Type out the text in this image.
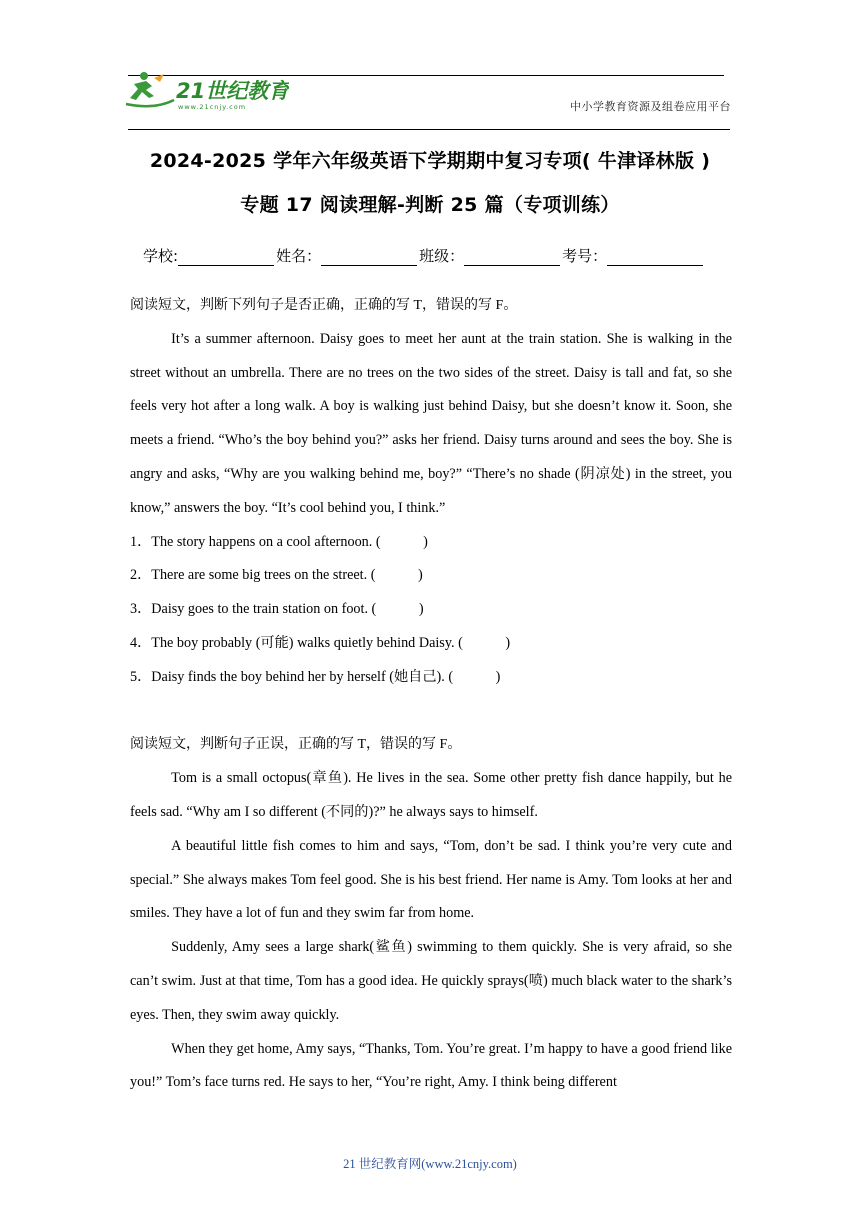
21世纪教育
www.21cnjy.com	中小学教育资源及组卷应用平台
2024-2025 学年六年级英语下学期期中复习专项( 牛津译林版 )
专题 17 阅读理解-判断 25 篇（专项训练）
学校:	姓名：	班级：	考号：

阅读短文，判断下列句子是否正确，正确的写 T，错误的写 F。

It’s a summer afternoon. Daisy goes to meet her aunt at the train station. She is walking in the street without an umbrella. There are no trees on the two sides of the street. Daisy is tall and fat, so she feels very hot after a long walk. A boy is walking just behind Daisy, but she doesn’t know it. Soon, she meets a friend. “Who’s the boy behind you?” asks her friend. Daisy turns around and sees the boy. She is angry and asks, “Why are you walking behind me, boy?” “There’s no shade (阴凉处) in the street, you know,” answers the boy. “It’s cool behind you, I think.”

1．The story happens on a cool afternoon. (　　　)

2．There are some big trees on the street. (　　　)

3．Daisy goes to the train station on foot. (　　　)

4．The boy probably (可能) walks quietly behind Daisy. (　　　)

5．Daisy finds the boy behind her by herself (她自己). (　　　)

阅读短文，判断句子正误，正确的写 T，错误的写 F。

Tom is a small octopus(章鱼). He lives in the sea. Some other pretty fish dance happily, but he feels sad. “Why am I so different (不同的)?” he always says to himself.

A beautiful little fish comes to him and says, “Tom, don’t be sad. I think you’re very cute and special.” She always makes Tom feel good. She is his best friend. Her name is Amy. Tom looks at her and smiles. They have a lot of fun and they swim far from home.

Suddenly, Amy sees a large shark(鲨鱼) swimming to them quickly. She is very afraid, so she can’t swim. Just at that time, Tom has a good idea. He quickly sprays(喷) much black water to the shark’s eyes. Then, they swim away quickly.

When they get home, Amy says, “Thanks, Tom. You’re great. I’m happy to have a good friend like you!” Tom’s face turns red. He says to her, “You’re right, Amy. I think being different

21 世纪教育网(www.21cnjy.com)
